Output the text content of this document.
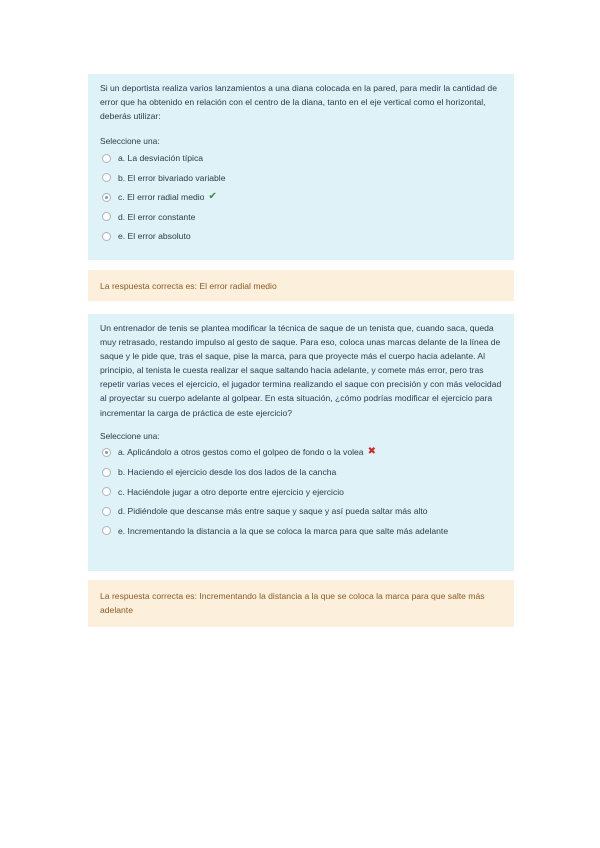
Si un deportista realiza varios lanzamientos a una diana colocada en la pared, para medir la cantidad de error que ha obtenido en relación con el centro de la diana, tanto en el eje vertical como el horizontal, deberás utilizar:

Seleccione una:
a. La desviación típica
b. El error bivariado variable
c. El error radial medio ✔
d. El error constante
e. El error absoluto
La respuesta correcta es: El error radial medio

Un entrenador de tenis se plantea modificar la técnica de saque de un tenista que, cuando saca, queda muy retrasado, restando impulso al gesto de saque. Para eso, coloca unas marcas delante de la línea de saque y le pide que, tras el saque, pise la marca, para que proyecte más el cuerpo hacia adelante. Al principio, al tenista le cuesta realizar el saque saltando hacia adelante, y comete más error, pero tras repetir varias veces el ejercicio, el jugador termina realizando el saque con precisión y con más velocidad al proyectar su cuerpo adelante al golpear. En esta situación, ¿cómo podrías modificar el ejercicio para incrementar la carga de práctica de este ejercicio?

Seleccione una:
a. Aplicándolo a otros gestos como el golpeo de fondo o la volea ✖
b. Haciendo el ejercicio desde los dos lados de la cancha
c. Haciéndole jugar a otro deporte entre ejercicio y ejercicio
d. Pidiéndole que descanse más entre saque y saque y así pueda saltar más alto
e. Incrementando la distancia a la que se coloca la marca para que salte más adelante
La respuesta correcta es: Incrementando la distancia a la que se coloca la marca para que salte más adelante
